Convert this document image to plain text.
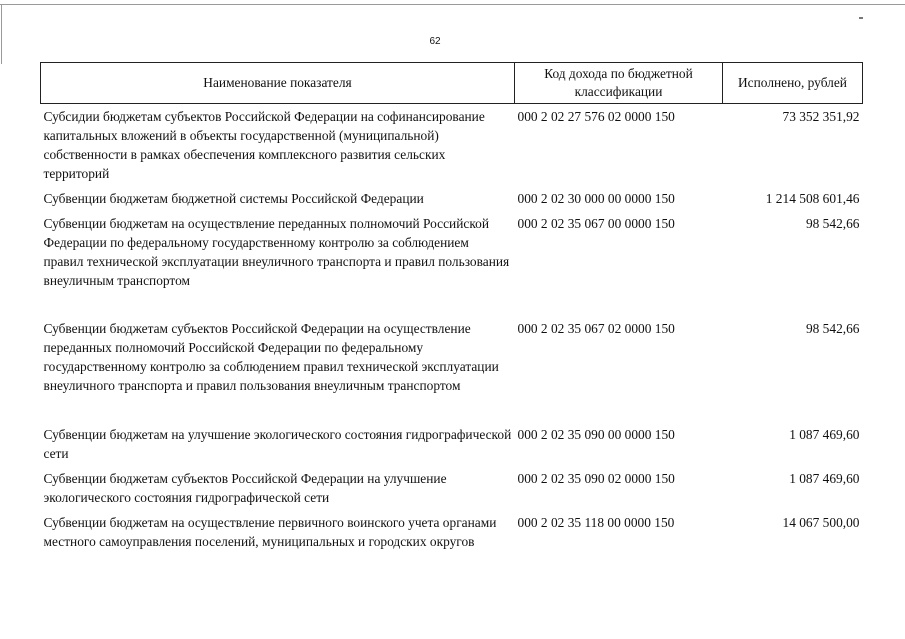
62
Наименование показателя	Код дохода по бюджетной классификации	Исполнено, рублей
Субсидии бюджетам субъектов Российской Федерации на софинансирование капитальных вложений в объекты государственной (муниципальной) собственности в рамках обеспечения комплексного развития сельских территорий	000 2 02 27 576 02 0000 150	73 352 351,92
Субвенции бюджетам бюджетной системы Российской Федерации	000 2 02 30 000 00 0000 150	1 214 508 601,46
Субвенции бюджетам на осуществление переданных полномочий Российской Федерации по федеральному государственному контролю за соблюдением правил технической эксплуатации внеуличного транспорта и правил пользования внеуличным транспортом	000 2 02 35 067 00 0000 150	98 542,66
Субвенции бюджетам субъектов Российской Федерации на осуществление переданных полномочий Российской Федерации по федеральному государственному контролю за соблюдением правил технической эксплуатации внеуличного транспорта и правил пользования внеуличным транспортом	000 2 02 35 067 02 0000 150	98 542,66
Субвенции бюджетам на улучшение экологического состояния гидрографической сети	000 2 02 35 090 00 0000 150	1 087 469,60
Субвенции бюджетам субъектов Российской Федерации на улучшение экологического состояния гидрографической сети	000 2 02 35 090 02 0000 150	1 087 469,60
Субвенции бюджетам на осуществление первичного воинского учета органами местного самоуправления поселений, муниципальных и городских округов	000 2 02 35 118 00 0000 150	14 067 500,00
